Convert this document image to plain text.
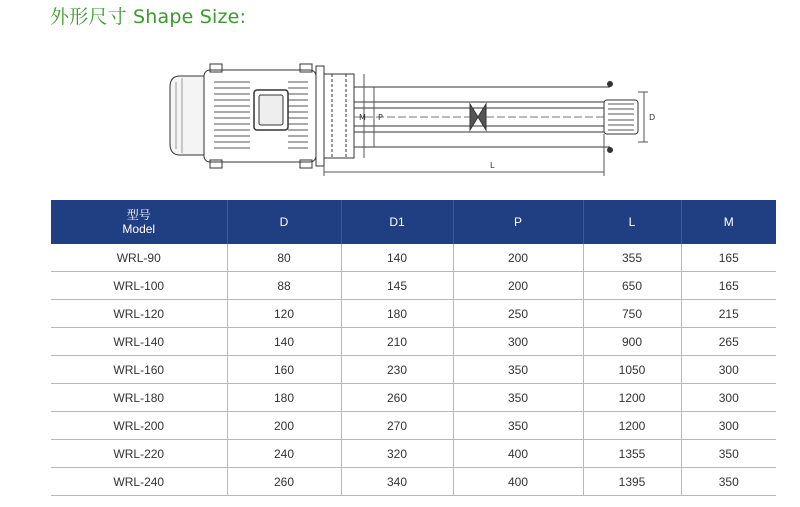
外形尺寸 Shape Size:
M P
L
D
型号
Model	D	D1	P	L	M
WRL-90	80	140	200	355	165
WRL-100	88	145	200	650	165
WRL-120	120	180	250	750	215
WRL-140	140	210	300	900	265
WRL-160	160	230	350	1050	300
WRL-180	180	260	350	1200	300
WRL-200	200	270	350	1200	300
WRL-220	240	320	400	1355	350
WRL-240	260	340	400	1395	350
